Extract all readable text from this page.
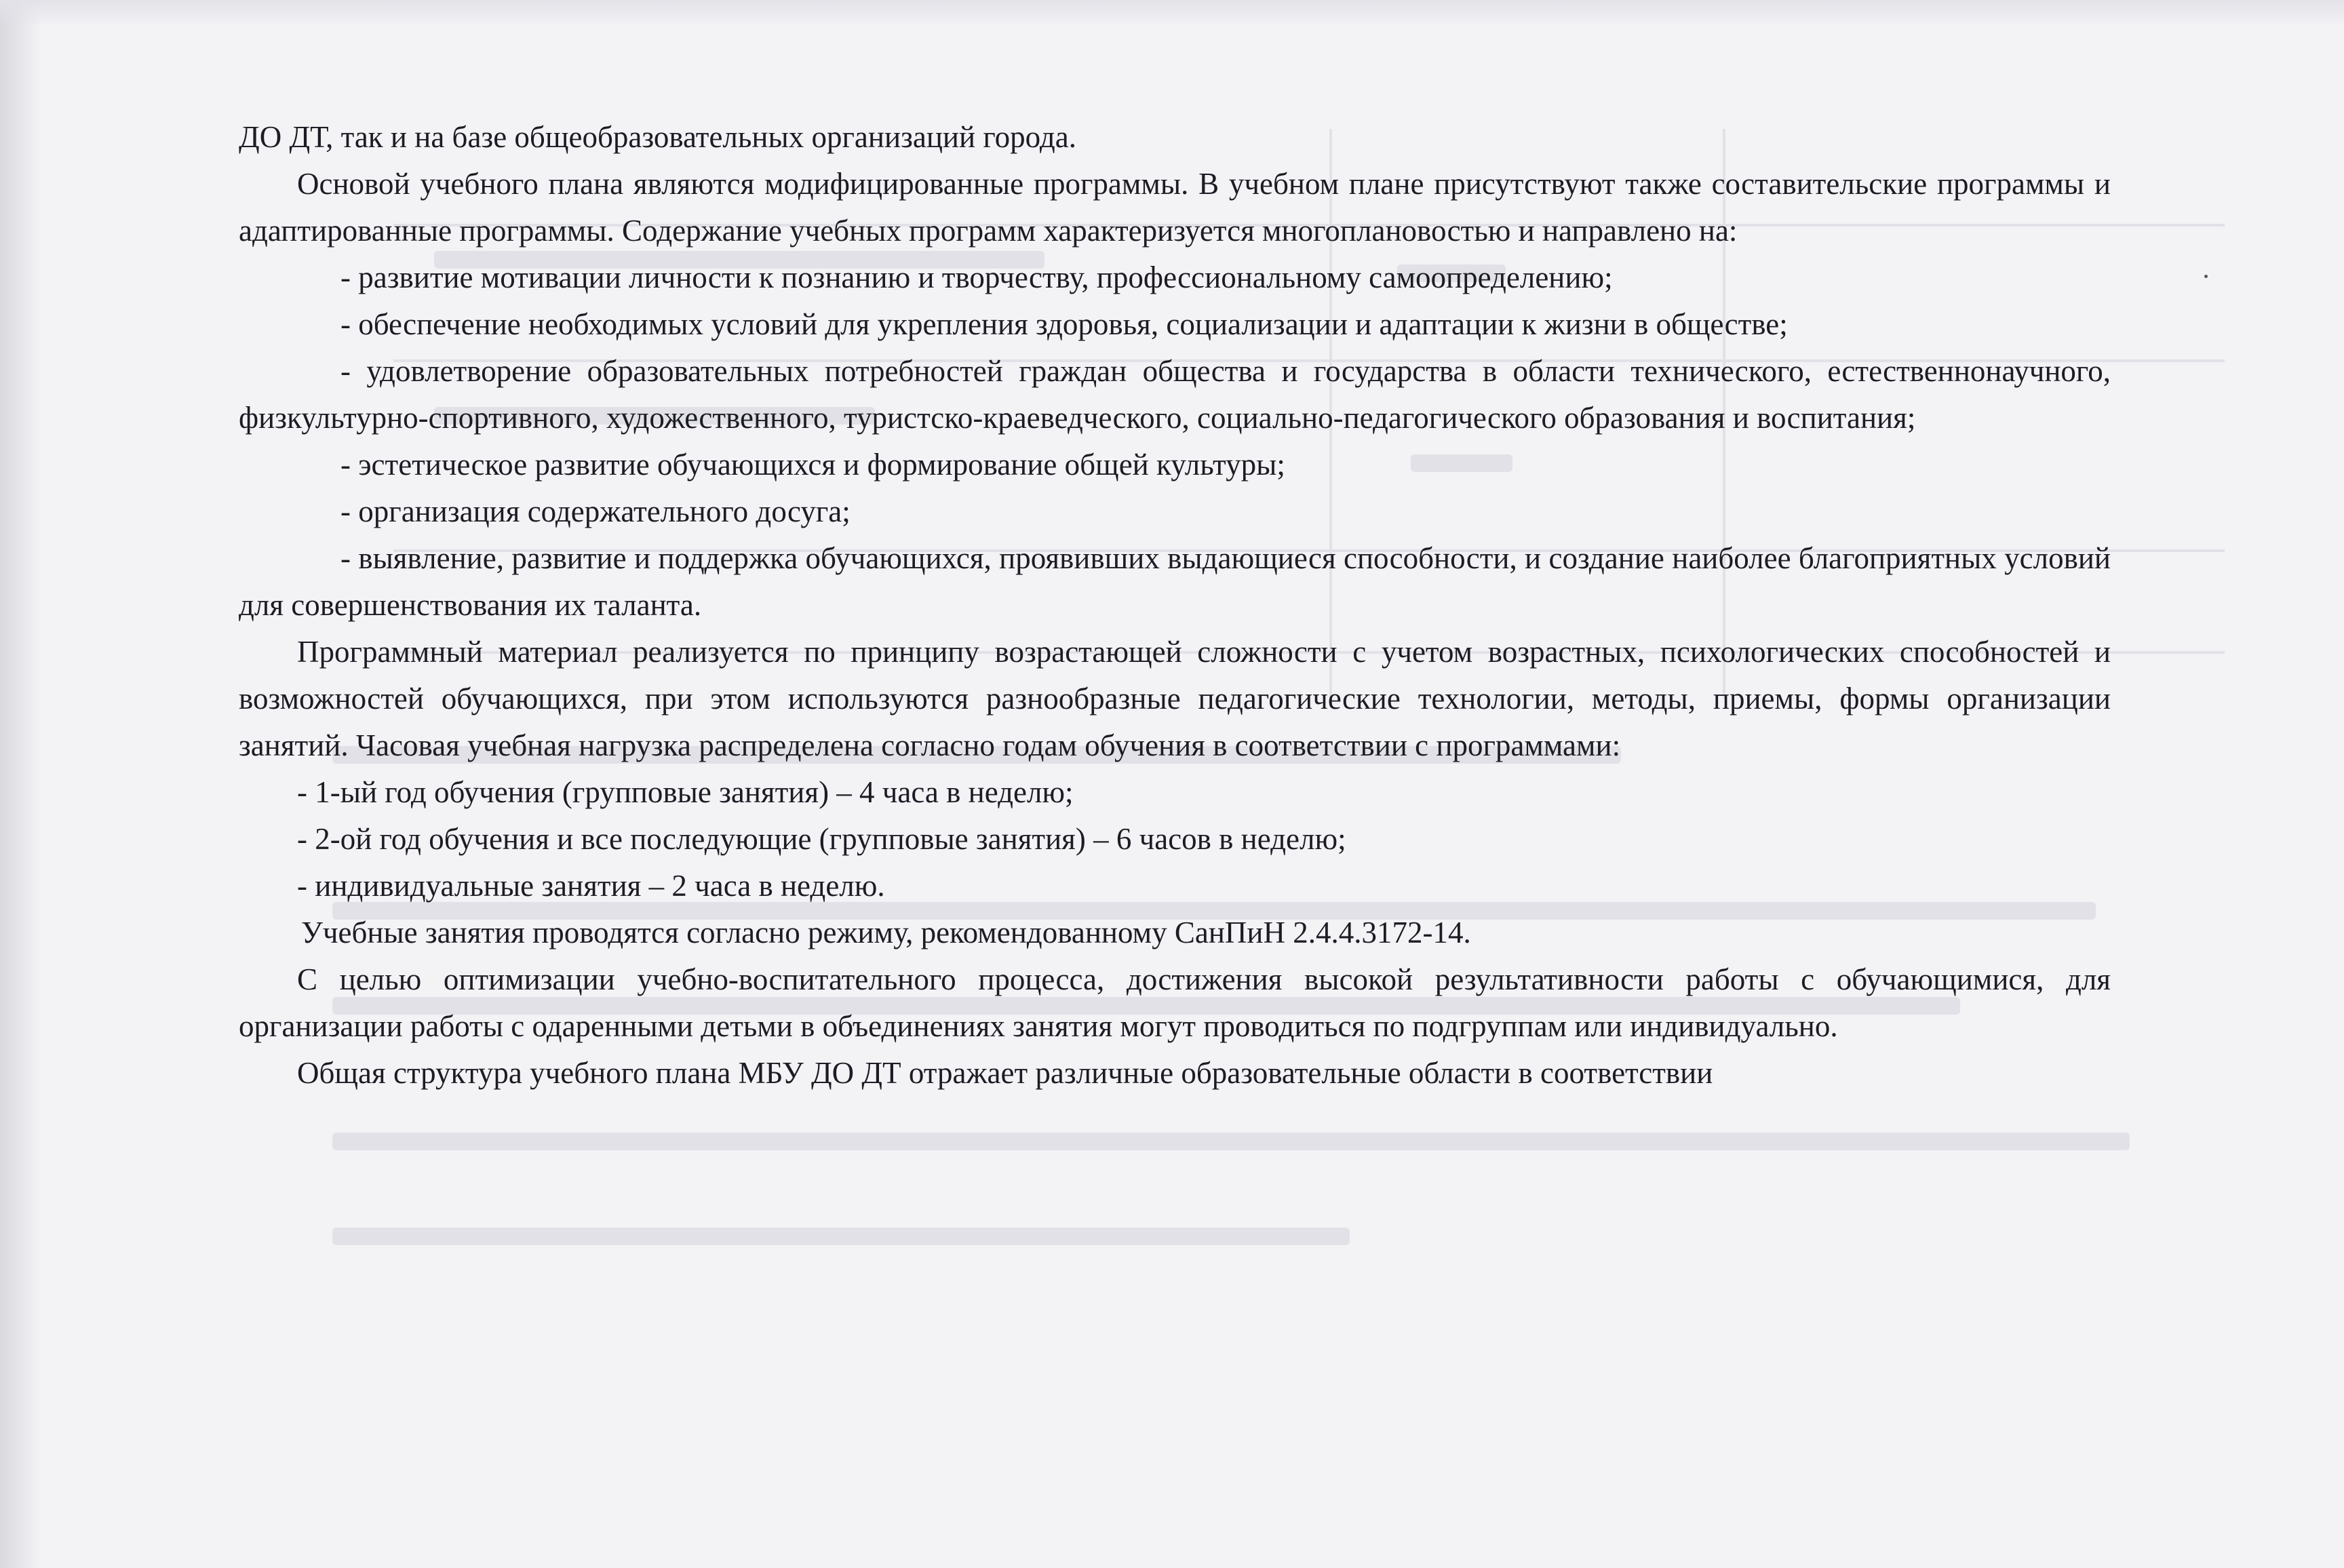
ДО ДТ, так и на базе общеобразовательных организаций города.

Основой учебного плана являются модифицированные программы. В учебном плане присутствуют также составительские программы и адаптированные программы. Содержание учебных программ характеризуется многоплановостью и направлено на:

- развитие мотивации личности к познанию и творчеству, профессиональному самоопределению;

- обеспечение необходимых условий для укрепления здоровья, социализации и адаптации к жизни в обществе;

- удовлетворение образовательных потребностей граждан общества и государства в области технического, естественнонаучного, физкультурно-спортивного, художественного, туристско-краеведческого, социально-педагогического образования и воспитания;

- эстетическое развитие обучающихся и формирование общей культуры;

- организация содержательного досуга;

- выявление, развитие и поддержка обучающихся, проявивших выдающиеся способности, и создание наиболее благоприятных условий для совершенствования их таланта.

Программный материал реализуется по принципу возрастающей сложности с учетом возрастных, психологических способностей и возможностей обучающихся, при этом используются разнообразные педагогические технологии, методы, приемы, формы организации занятий. Часовая учебная нагрузка распределена согласно годам обучения в соответствии с программами:

- 1-ый год обучения (групповые занятия) – 4 часа в неделю;

- 2-ой год обучения и все последующие (групповые занятия) – 6 часов в неделю;

- индивидуальные занятия – 2 часа в неделю.

Учебные занятия проводятся согласно режиму, рекомендованному СанПиН 2.4.4.3172-14.

С целью оптимизации учебно-воспитательного процесса, достижения высокой результативности работы с обучающимися, для организации работы с одаренными детьми в объединениях занятия могут проводиться по подгруппам или индивидуально.

Общая структура учебного плана МБУ ДО ДТ отражает различные образовательные области в соответствии
